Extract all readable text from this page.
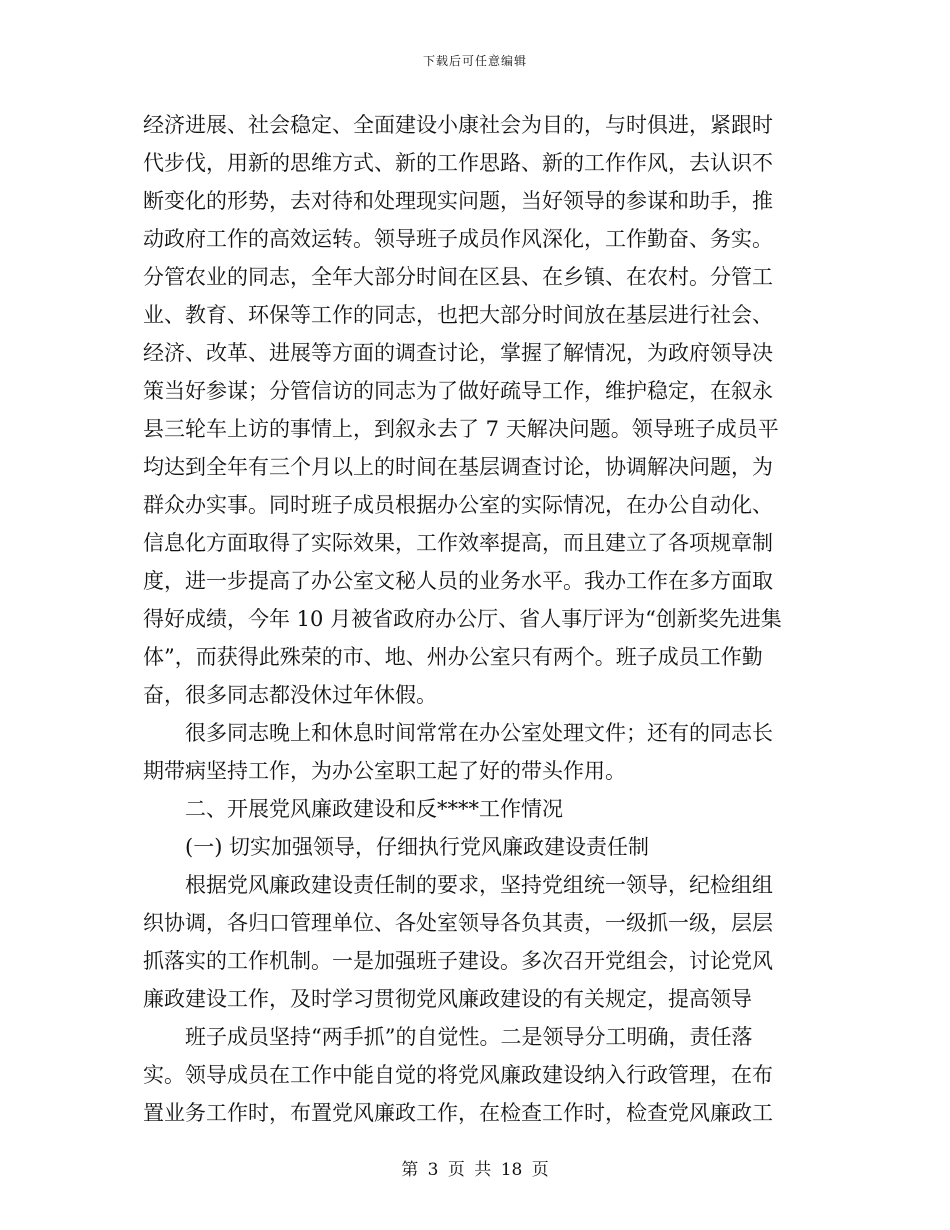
下载后可任意编辑
经济进展、社会稳定、全面建设小康社会为目的，与时俱进，紧跟时
代步伐，用新的思维方式、新的工作思路、新的工作作风，去认识不
断变化的形势，去对待和处理现实问题，当好领导的参谋和助手，推
动政府工作的高效运转。领导班子成员作风深化，工作勤奋、务实。
分管农业的同志，全年大部分时间在区县、在乡镇、在农村。分管工
业、教育、环保等工作的同志，也把大部分时间放在基层进行社会、
经济、改革、进展等方面的调查讨论，掌握了解情况，为政府领导决
策当好参谋；分管信访的同志为了做好疏导工作，维护稳定，在叙永
县三轮车上访的事情上，到叙永去了 7 天解决问题。领导班子成员平
均达到全年有三个月以上的时间在基层调查讨论，协调解决问题，为
群众办实事。同时班子成员根据办公室的实际情况，在办公自动化、
信息化方面取得了实际效果，工作效率提高，而且建立了各项规章制
度，进一步提高了办公室文秘人员的业务水平。我办工作在多方面取
得好成绩，今年 10 月被省政府办公厅、省人事厅评为“创新奖先进集
体”，而获得此殊荣的市、地、州办公室只有两个。班子成员工作勤
奋，很多同志都没休过年休假。
很多同志晚上和休息时间常常在办公室处理文件；还有的同志长
期带病坚持工作，为办公室职工起了好的带头作用。
二、开展党风廉政建设和反****工作情况
(一) 切实加强领导，仔细执行党风廉政建设责任制
根据党风廉政建设责任制的要求，坚持党组统一领导，纪检组组
织协调，各归口管理单位、各处室领导各负其责，一级抓一级，层层
抓落实的工作机制。一是加强班子建设。多次召开党组会，讨论党风
廉政建设工作，及时学习贯彻党风廉政建设的有关规定，提高领导
班子成员坚持“两手抓”的自觉性。二是领导分工明确，责任落
实。领导成员在工作中能自觉的将党风廉政建设纳入行政管理，在布
置业务工作时，布置党风廉政工作，在检查工作时，检查党风廉政工
第 3 页 共 18 页
